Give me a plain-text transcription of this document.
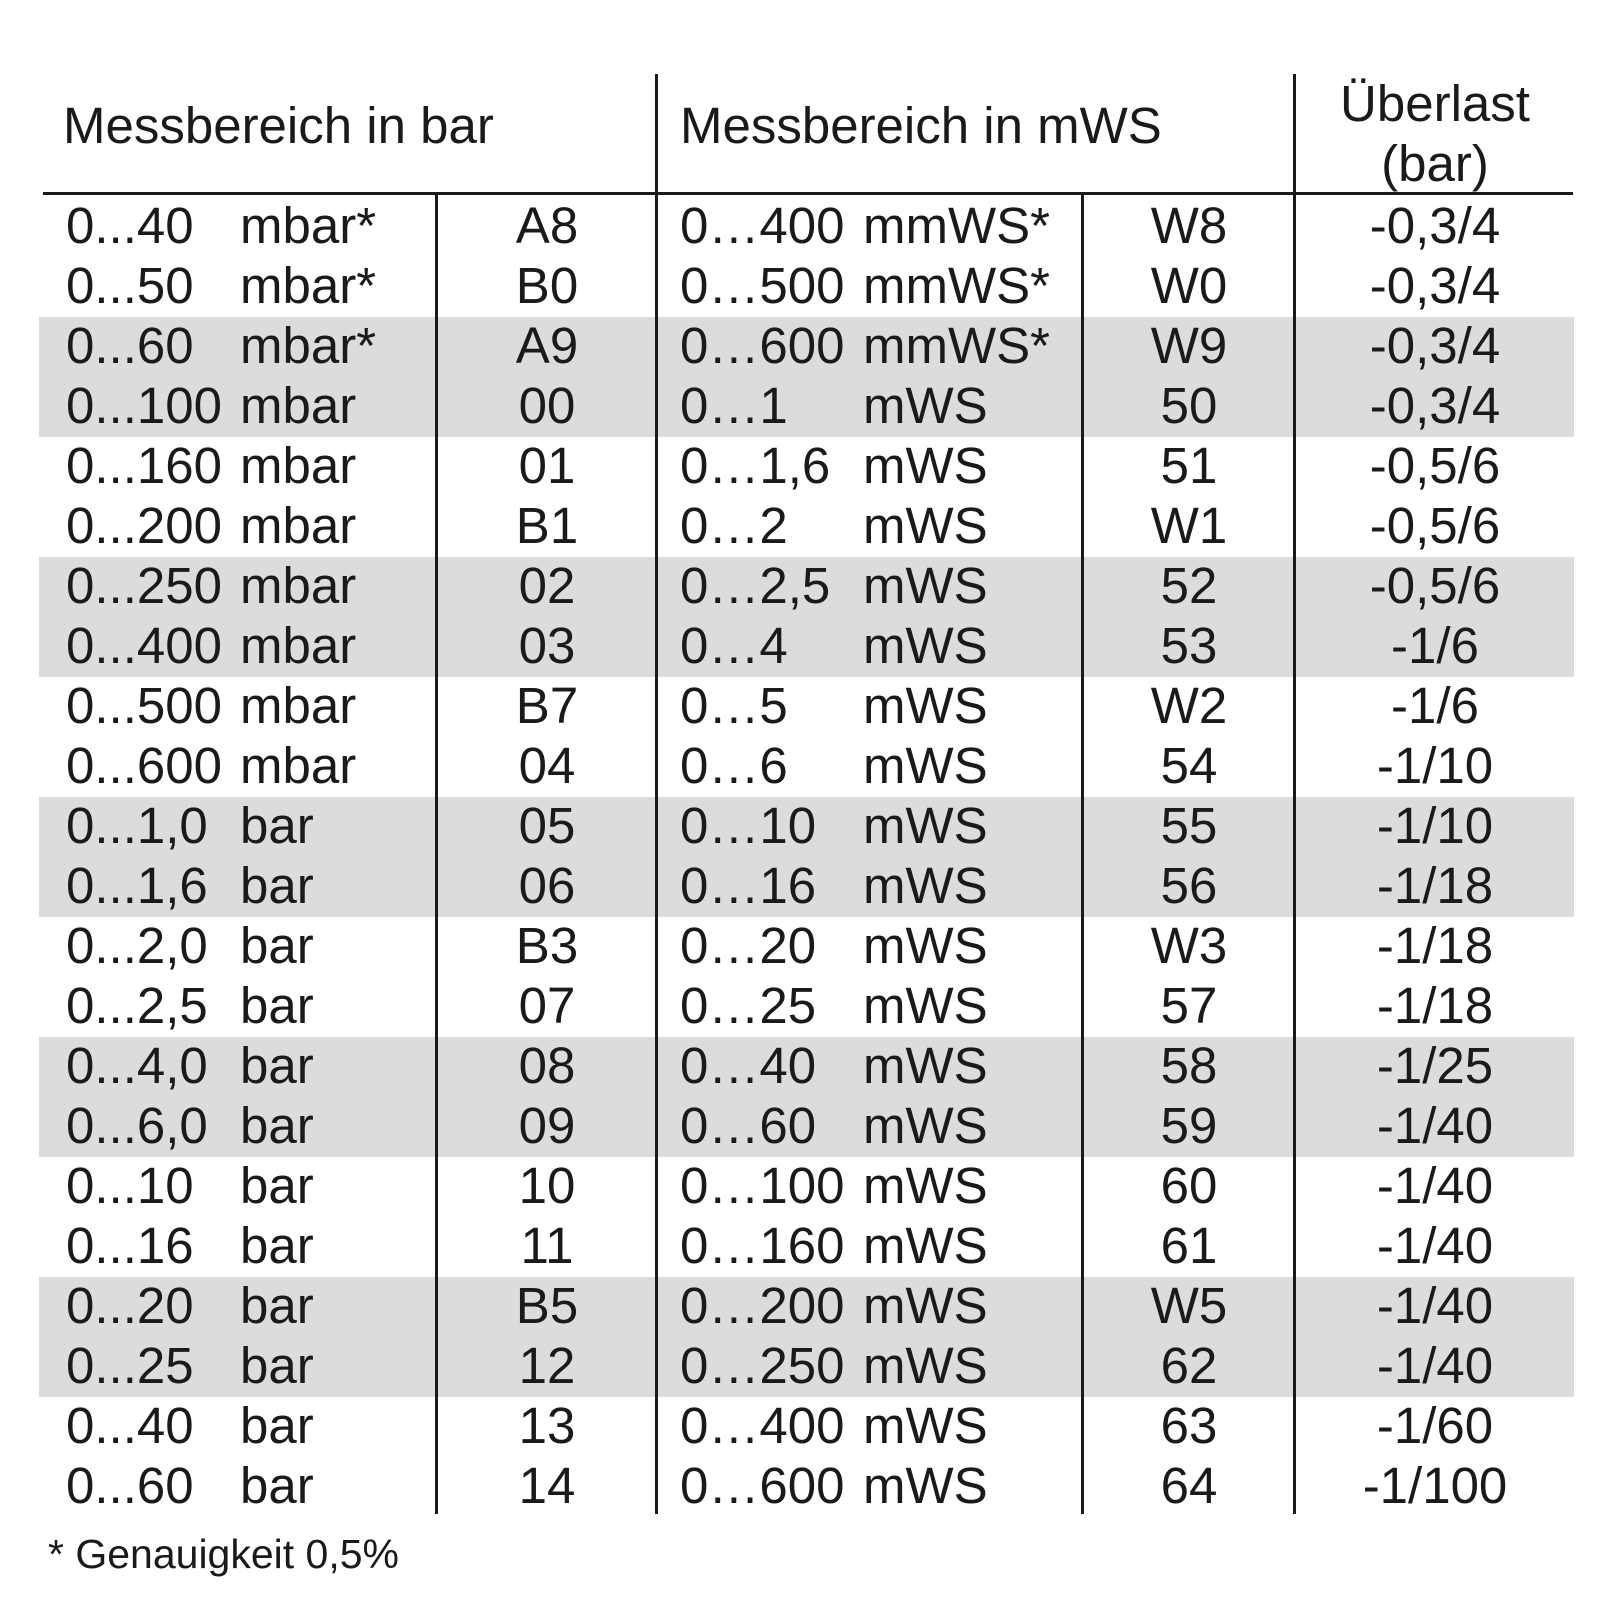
Messbereich in bar	Messbereich in mWS	Überlast
(bar)
0...40 mbar*	A8	0…400 mmWS*	W8	-0,3/4
0...50 mbar*	B0	0…500 mmWS*	W0	-0,3/4
0...60 mbar*	A9	0…600 mmWS*	W9	-0,3/4
0...100 mbar	00	0…1 mWS	50	-0,3/4
0...160 mbar	01	0…1,6 mWS	51	-0,5/6
0...200 mbar	B1	0…2 mWS	W1	-0,5/6
0...250 mbar	02	0…2,5 mWS	52	-0,5/6
0...400 mbar	03	0…4 mWS	53	-1/6
0...500 mbar	B7	0…5 mWS	W2	-1/6
0...600 mbar	04	0…6 mWS	54	-1/10
0...1,0 bar	05	0…10 mWS	55	-1/10
0...1,6 bar	06	0…16 mWS	56	-1/18
0...2,0 bar	B3	0…20 mWS	W3	-1/18
0...2,5 bar	07	0…25 mWS	57	-1/18
0...4,0 bar	08	0…40 mWS	58	-1/25
0...6,0 bar	09	0…60 mWS	59	-1/40
0...10 bar	10	0…100 mWS	60	-1/40
0...16 bar	11	0…160 mWS	61	-1/40
0...20 bar	B5	0…200 mWS	W5	-1/40
0...25 bar	12	0…250 mWS	62	-1/40
0...40 bar	13	0…400 mWS	63	-1/60
0...60 bar	14	0…600 mWS	64	-1/100
* Genauigkeit 0,5%
